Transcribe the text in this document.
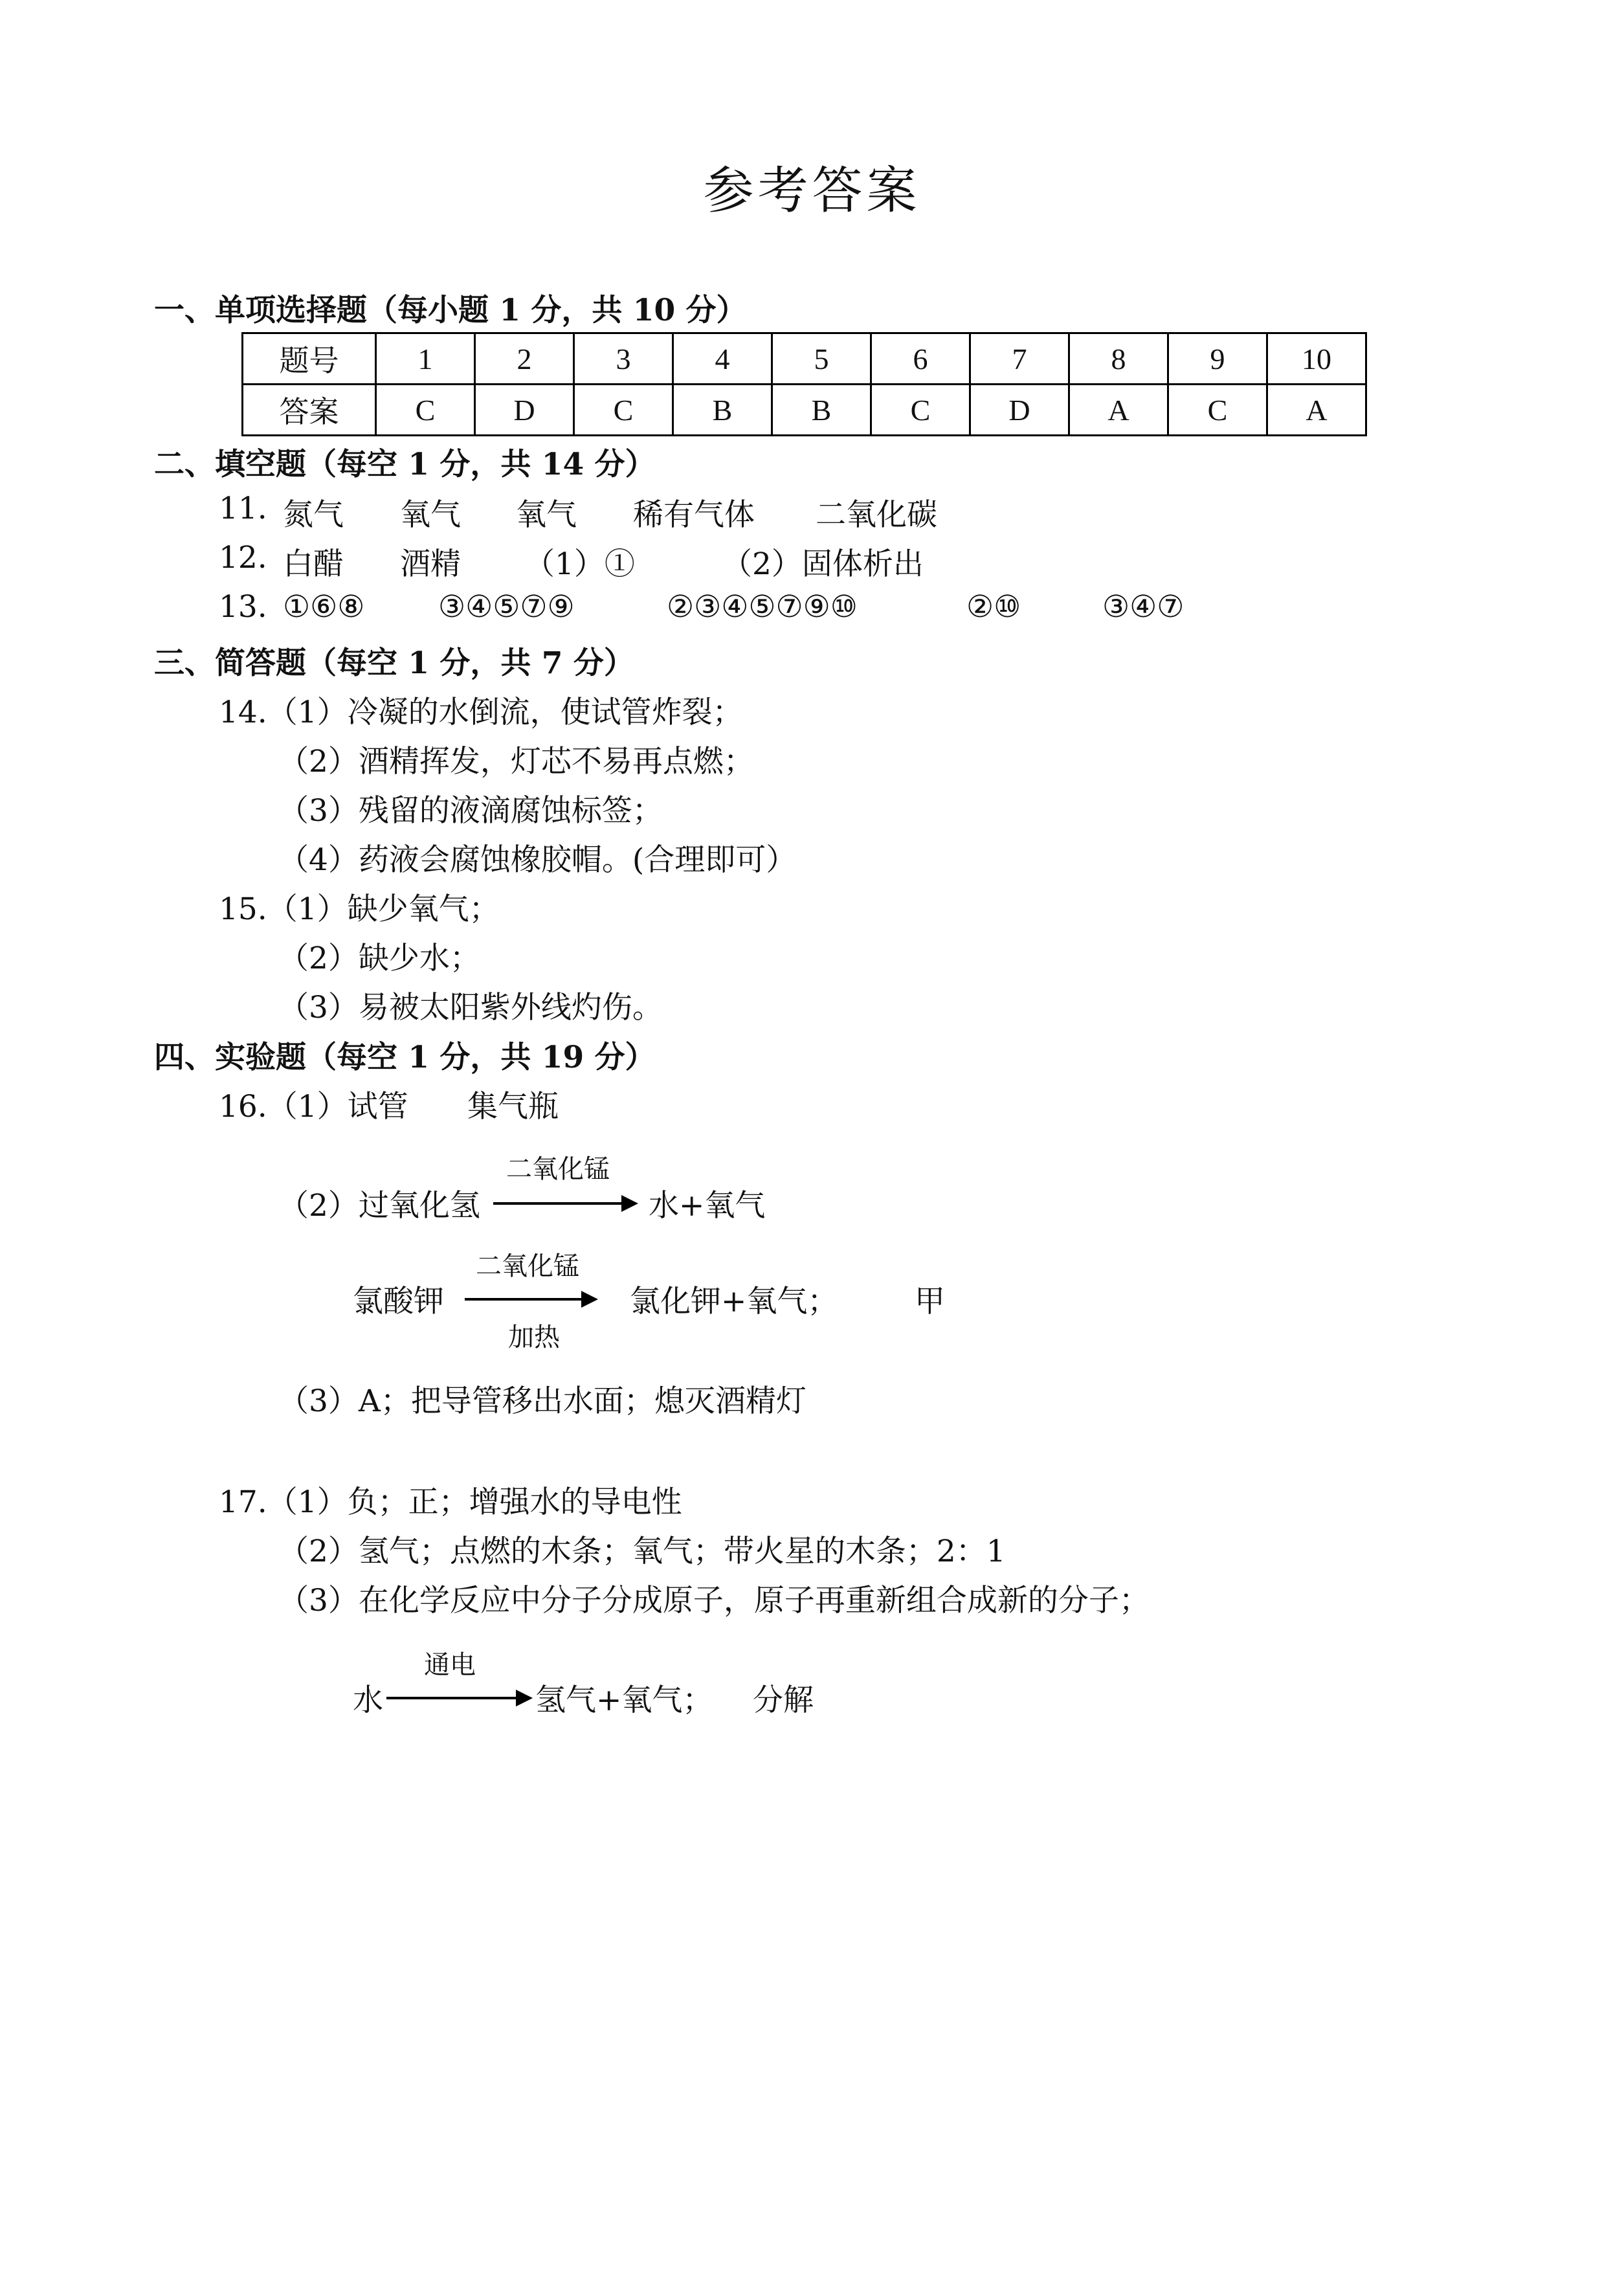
参考答案
一、单项选择题（每小题 1 分，共 10 分）
题号	1	2	3	4	5	6	7	8	9	10
答案	C	D	C	B	B	C	D	A	C	A
二、填空题（每空 1 分，共 14 分）
11. 氮气 氧气 氧气 稀有气体 二氧化碳
12. 白醋 酒精 （1）①	（2）固体析出
13. ①⑥⑧ ③④⑤⑦⑨	②③④⑤⑦⑨⑩	②⑩	③④⑦
三、简答题（每空 1 分，共 7 分）
14.（1）冷凝的水倒流，使试管炸裂；
（2）酒精挥发，灯芯不易再点燃；
（3）残留的液滴腐蚀标签；
（4）药液会腐蚀橡胶帽。(合理即可）
15.（1）缺少氧气；
（2）缺少水；
（3）易被太阳紫外线灼伤。
四、实验题（每空 1 分，共 19 分）
16.（1）试管 集气瓶
（2）过氧化氢
二氧化锰
水+氧气
氯酸钾
二氧化锰
加热
氯化钾+氧气；	甲
（3）A；把导管移出水面；熄灭酒精灯
17.（1）负；正；增强水的导电性
（2）氢气；点燃的木条；氧气；带火星的木条；2：1
（3）在化学反应中分子分成原子，原子再重新组合成新的分子；
水
通电
氢气+氧气； 分解
